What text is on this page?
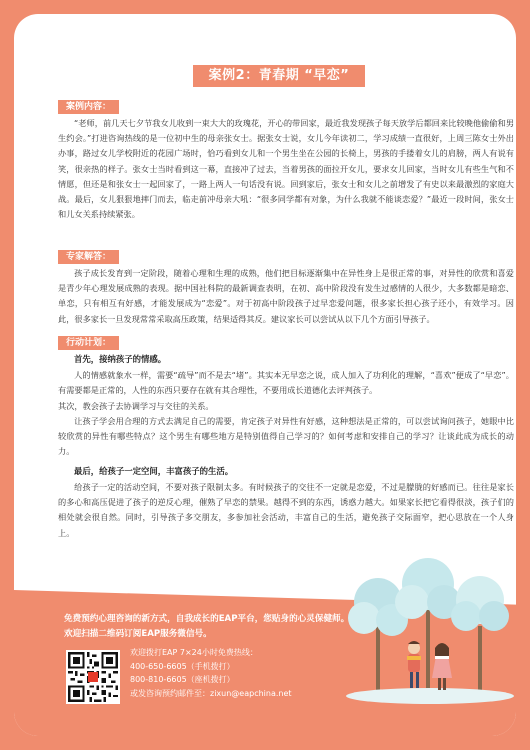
案例2：青春期 “早恋”
案例内容：

“老师，前几天七夕节我女儿收到一束大大的玫瑰花，开心的带回家，最近我发现孩子每天放学后都回来比较晚他偷偷和男生约会。”打进咨询热线的是一位初中生的母亲张女士。据张女士说，女儿今年读初二，学习成绩一直很好，上周三陈女士外出办事，路过女儿学校附近的花园广场时，恰巧看到女儿和一个男生坐在公园的长椅上，男孩的手搂着女儿的肩膀，两人有说有笑，很亲热的样子。张女士当时看到这一幕，直接冲了过去，当着男孩的面拉开女儿，要求女儿回家，当时女儿有些生气和不情愿，但还是和张女士一起回家了，一路上两人一句话没有说。回到家后，张女士和女儿之前增发了有史以来最激烈的家庭大战。最后，女儿狠狠地摔门而去，临走前冲母亲大吼：“很多同学都有对象，为什么我就不能谈恋爱？”最近一段时间，张女士和儿女关系持续紧张。

专家解答：

孩子成长发育到一定阶段，随着心理和生理的成熟，他们把目标逐渐集中在异性身上是很正常的事，对异性的欣赏和喜爱是青少年心理发展成熟的表现。据中国社科院的最新调查表明，在初、高中阶段没有发生过感情的人很少，大多数都是暗恋、单恋，只有相互有好感，才能发展成为“恋爱”。对于初高中阶段孩子过早恋爱问题，很多家长担心孩子还小，有效学习。因此，很多家长一旦发现常常采取高压政策，结果适得其反。建议家长可以尝试从以下几个方面引导孩子。

行动计划：
首先，接纳孩子的情感。

人的情感就象水一样，需要“疏导”而不是去“堵”。其实本无早恋之说，成人加入了功利化的理解，“喜欢”便成了“早恋”。有需要都是正常的，人性的东西只要存在就有其合理性，不要用成长道德化去评判孩子。

其次，教会孩子去协调学习与交往的关系。

让孩子学会用合理的方式去满足自己的需要，肯定孩子对异性有好感，这种想法是正常的，可以尝试询问孩子，她眼中比较欣赏的异性有哪些特点？这个男生有哪些地方是特别值得自己学习的？如何考虑和安排自己的学习？让谈此成为成长的动力。

最后，给孩子一定空间，丰富孩子的生活。

给孩子一定的活动空间，不要对孩子限制太多。有时候孩子的交往不一定就是恋爱，不过是朦胧的好感而已。往往是家长的多心和高压促进了孩子的逆反心理，催熟了早恋的禁果。越得不到的东西，诱惑力越大。如果家长把它看得很淡，孩子们的相处就会很自然。同时，引导孩子多交朋友，多参加社会活动，丰富自己的生活，避免孩子交际面窄，把心思放在一个人身上。

免费预约心理咨询的新方式，自我成长的EAP平台，您贴身的心灵保健师。
欢迎扫描二维码订阅EAP服务微信号。
欢迎拨打EAP 7×24小时免费热线：
400-650-6605（手机拨打）
800-810-6605（座机拨打）
或发咨询预约邮件至：zixun@eapchina.net
